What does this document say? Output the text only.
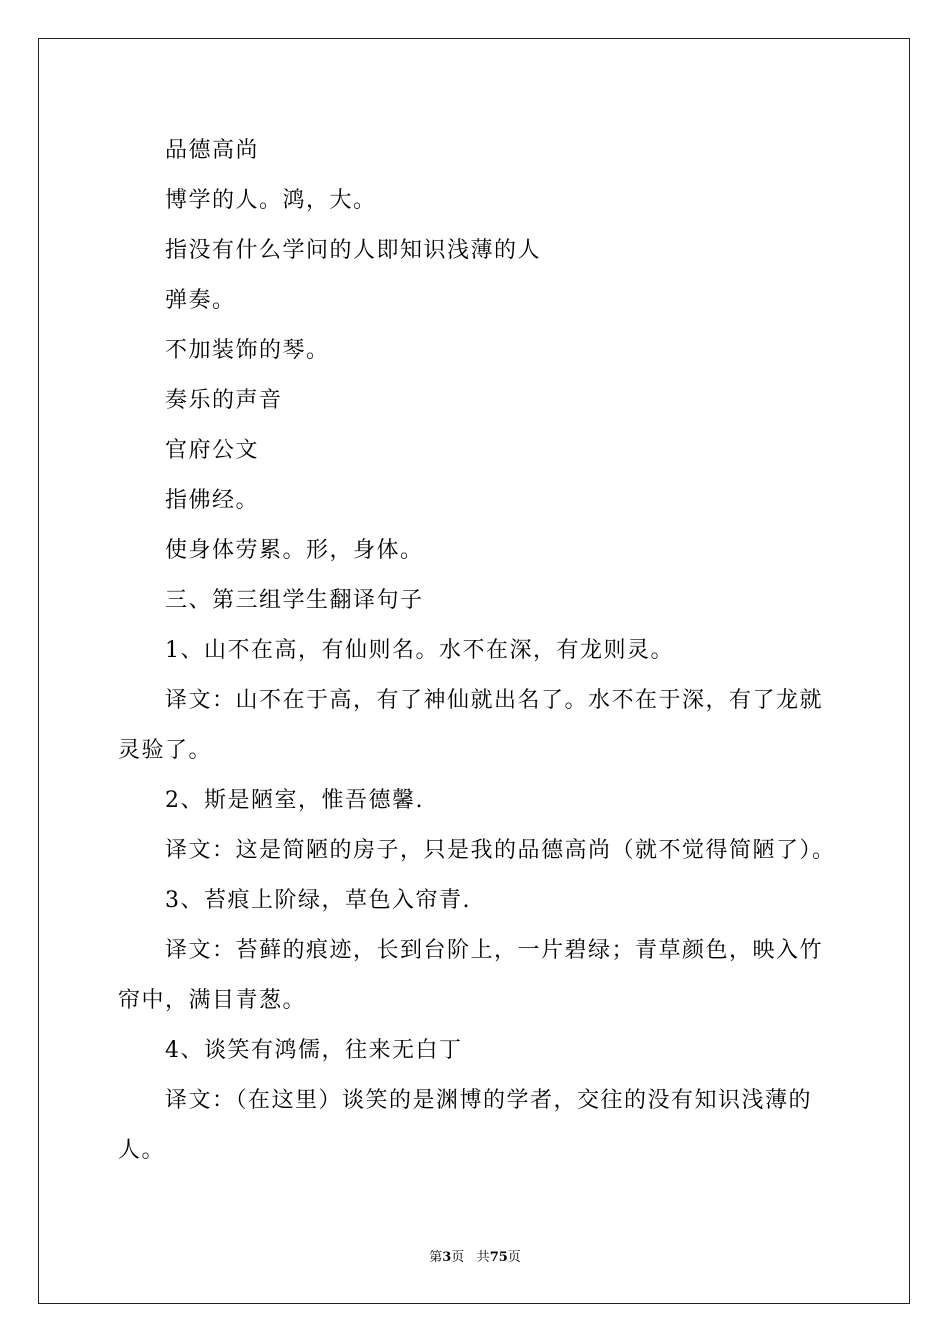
品德高尚

博学的人。鸿，大。

指没有什么学问的人即知识浅薄的人

弹奏。

不加装饰的琴。

奏乐的声音

官府公文

指佛经。

使身体劳累。形，身体。

三、第三组学生翻译句子

1、山不在高，有仙则名。水不在深，有龙则灵。

译文：山不在于高，有了神仙就出名了。水不在于深，有了龙就灵验了。

2、斯是陋室，惟吾德馨.

译文：这是简陋的房子，只是我的品德高尚（就不觉得简陋了）。

3、苔痕上阶绿，草色入帘青.

译文：苔藓的痕迹，长到台阶上，一片碧绿；青草颜色，映入竹帘中，满目青葱。

4、谈笑有鸿儒，往来无白丁

译文：（在这里）谈笑的是渊博的学者，交往的没有知识浅薄的人。

第3页 共75页
